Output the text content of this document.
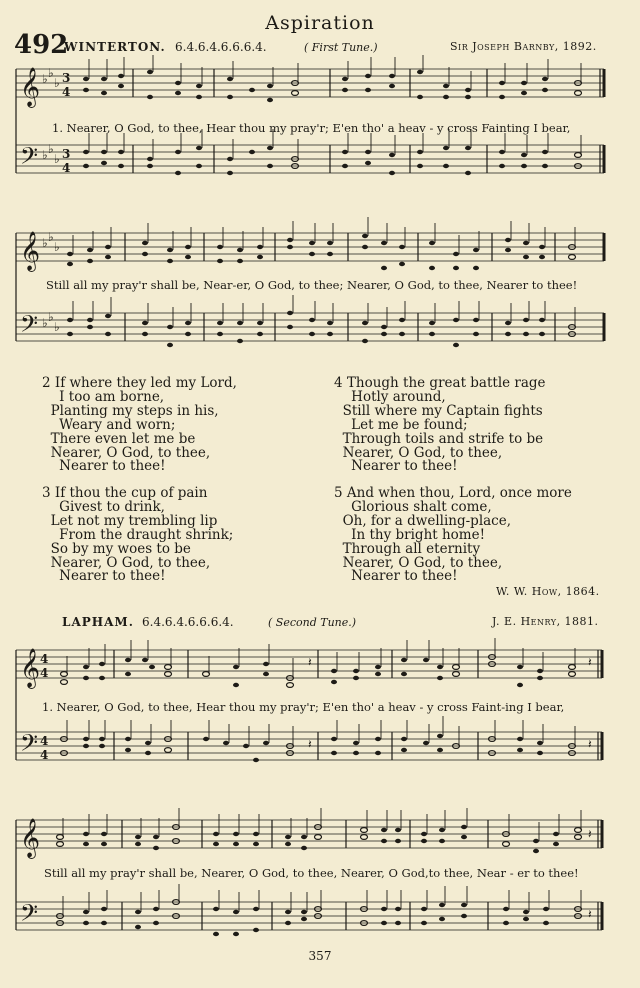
Aspiration
492
WINTERTON. 6.4.6.4.6.6.6.4.	( First Tune.)	Sir Joseph Barnby, 1892.
𝄞
𝄢
♭ ♭
♭
♭ ♭
♭
3
4
3
4
1. Nearer, O God, to thee, Hear thou my pray'r; E'en tho' a heav - y cross Fainting I bear,
𝄞
𝄢
♭ ♭
♭
♭ ♭
♭
Still all my pray'r shall be, Near-er, O God, to thee; Nearer, O God, to thee, Nearer to thee!
2 If where they led my Lord,
I too am borne,
Planting my steps in his,
Weary and worn;
There even let me be
Nearer, O God, to thee,
Nearer to thee!
4 Though the great battle rage
Hotly around,
Still where my Captain fights
Let me be found;
Through toils and strife to be
Nearer, O God, to thee,
Nearer to thee!
3 If thou the cup of pain
Givest to drink,
Let not my trembling lip
From the draught shrink;
So by my woes to be
Nearer, O God, to thee,
Nearer to thee!
5 And when thou, Lord, once more
Glorious shalt come,
Oh, for a dwelling-place,
In thy bright home!
Through all eternity
Nearer, O God, to thee,
Nearer to thee!
W. W. How, 1864.
LAPHAM. 6.4.6.4.6.6.6.4.	( Second Tune.)	J. E. Henry, 1881.
𝄞
𝄢
4
4
4
4
𝄽
𝄽
𝄽
𝄽
1. Nearer, O God, to thee, Hear thou my pray'r; E'en tho' a heav - y cross Faint-ing I bear,
𝄞
𝄢
𝄽
𝄽
Still all my pray'r shall be, Nearer, O God, to thee, Nearer, O God,to thee, Near - er to thee!
357
